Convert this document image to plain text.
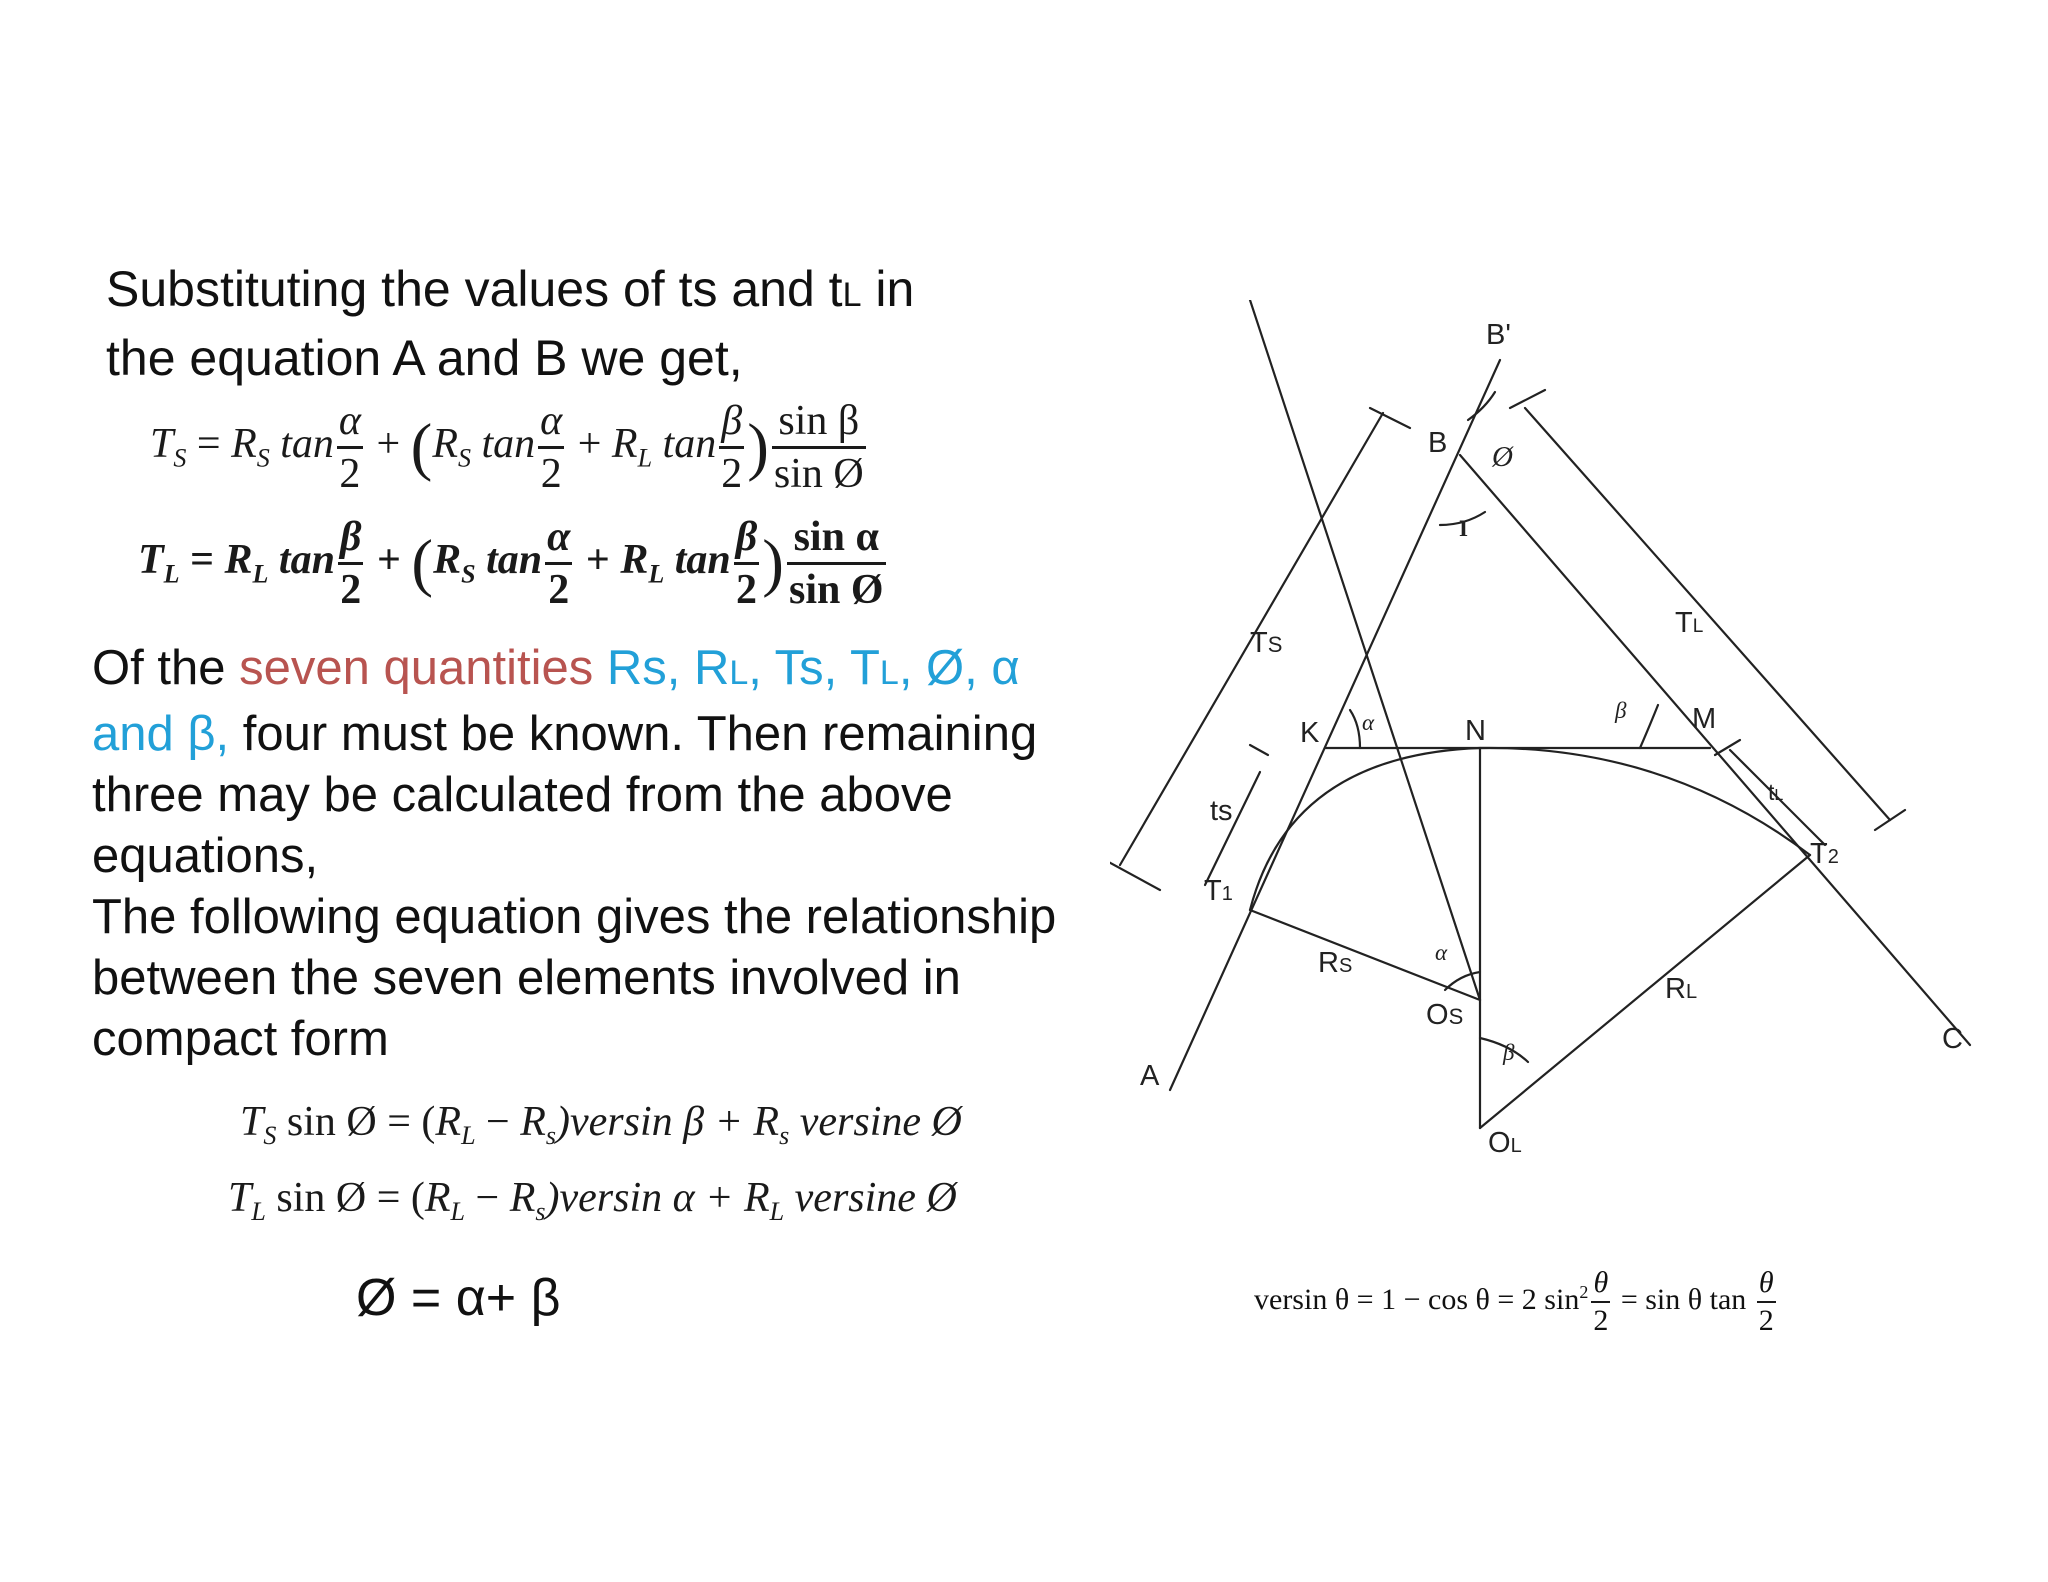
Substituting the values of ts and tL in
the equation A and B we get,
$T_S = R_S$ $\tan \frac{\alpha}{2} + (R_S$ $\tan \frac{\alpha}{2} + R_L$ $\tan \frac{\beta}{2}$ ) $\frac{\text{sin β}}{\text{sin Ø}}$
$T_L = R_L$ $\tan \frac{\beta}{2} + (R_S$ $\tan \frac{\alpha}{2} + R_L$ $\tan \frac{\beta}{2}$ ) $\frac{\text{sin α}}{\text{sin Ø}}$
Of the seven quantities Rs, RL, Ts, TL, Ø, α
and β, four must be known. Then remaining
three may be calculated from the above
equations,
The following equation gives the relationship
between the seven elements involved in
compact form
$T_S$ sin Ø = $(R_L - R_s)versin$ $\beta + R_s$ versine Ø
$T_L$ sin Ø = $(R_L - R_s)versin$ $\alpha + R_L$ versine Ø
Ø = α+ β	versin θ = 1 − cos θ = 2 $\sin^2 \frac{\theta}{2} = \sin \theta$ $\tan \frac{\theta}{2}$
B'
B Ø
I
TL
TS
K α	N
β M
tL
ts
T1
T2
RS
α
RL
OS
β
OL
A
C
